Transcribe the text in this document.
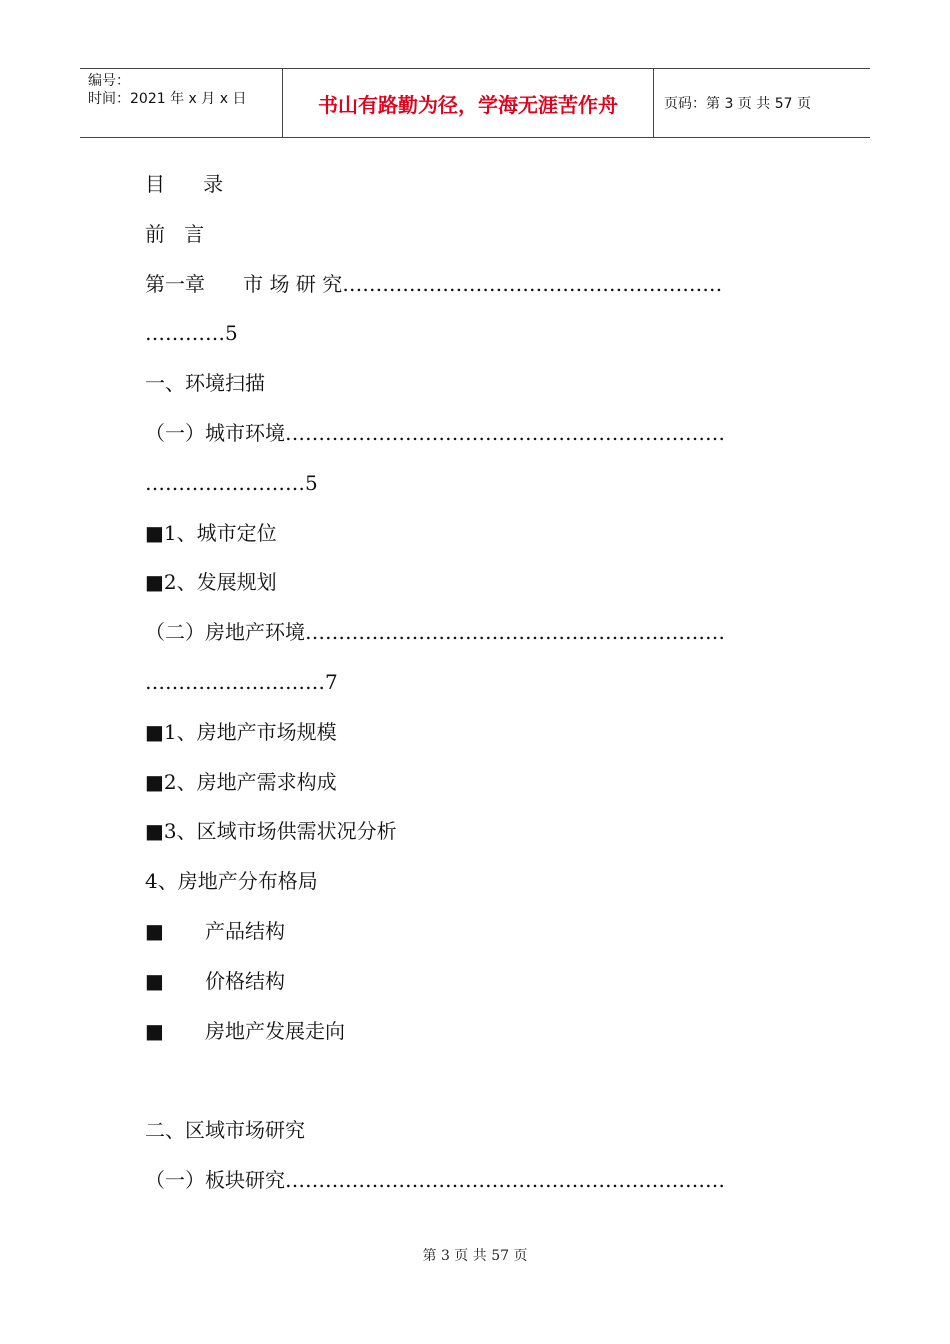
编号：
时间：2021 年 x 月 x 日	书山有路勤为径，学海无涯苦作舟	页码：第 3 页 共 57 页
目      录
前   言
第一章      市 场 研 究…………………………………………………
…………5
一、环境扫描
（一）城市环境…………………………………………………………
……………………5
■1、城市定位
■2、发展规划
（二）房地产环境………………………………………………………
………………………7
■1、房地产市场规模
■2、房地产需求构成
■3、区域市场供需状况分析
4、房地产分布格局
■ 产品结构
■ 价格结构
■ 房地产发展走向
二、区域市场研究
（一）板块研究…………………………………………………………
第 3 页 共 57 页
